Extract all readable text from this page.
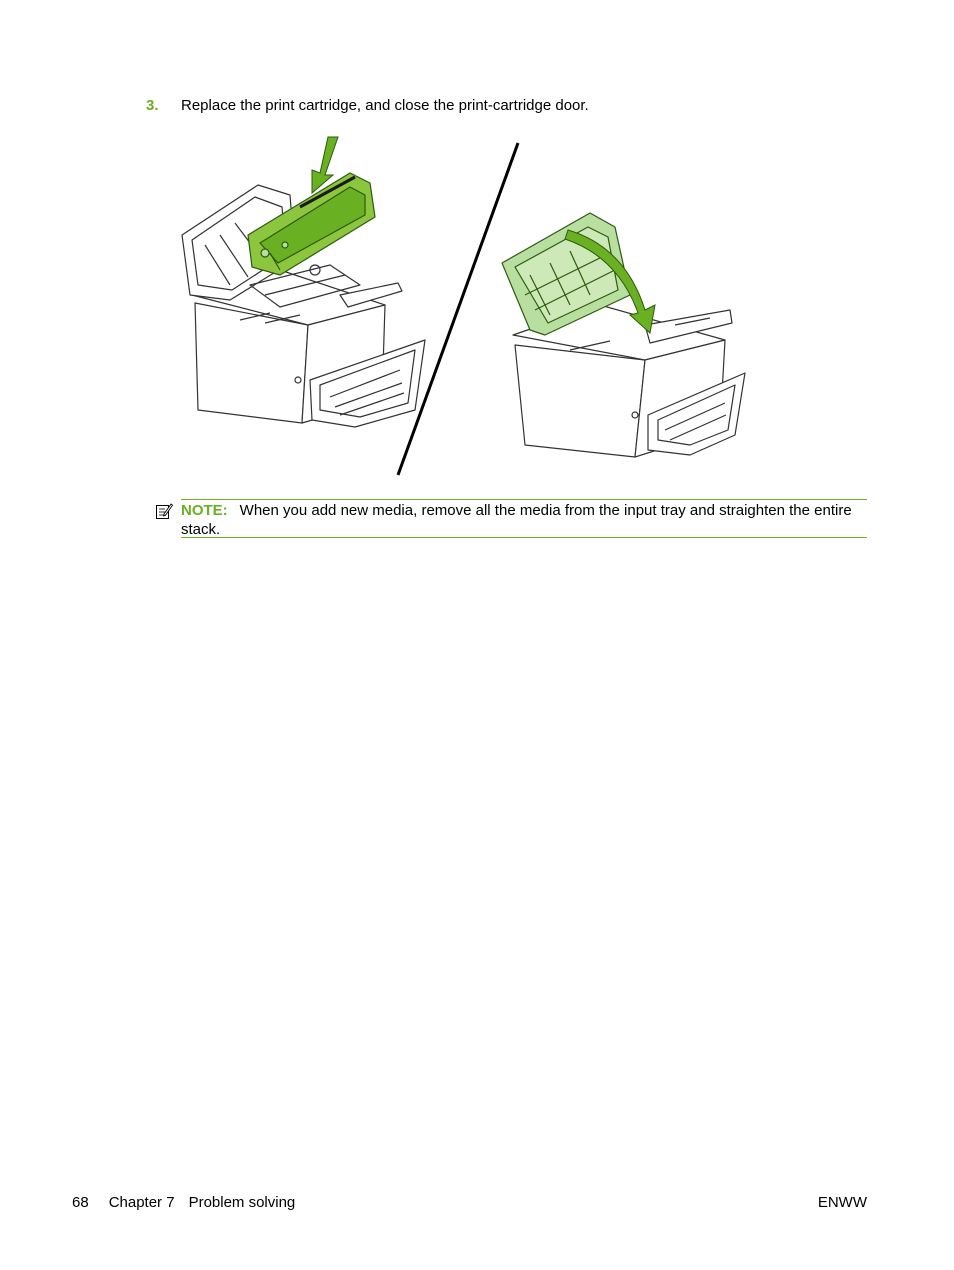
3. Replace the print cartridge, and close the print-cartridge door.
NOTE: When you add new media, remove all the media from the input tray and straighten the entire stack.
68 Chapter 7 Problem solving	ENWW
